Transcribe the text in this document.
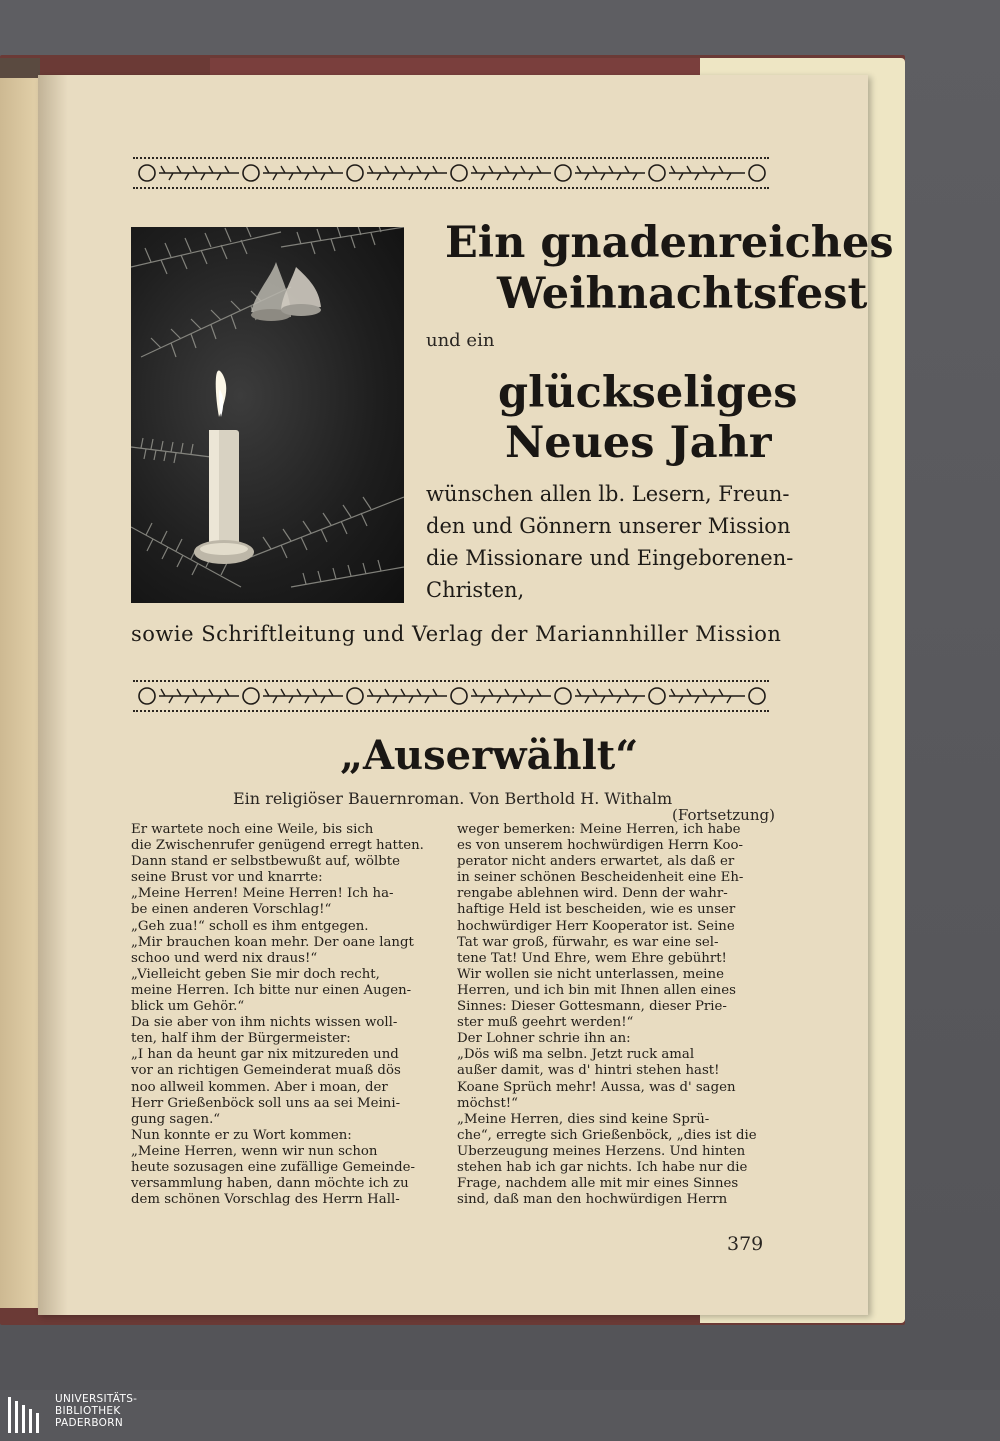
Ein gnadenreiches
Weihnachtsfest
und ein
glückseliges
Neues Jahr
wünschen allen lb. Lesern, Freun-
den und Gönnern unserer Mission
die Missionare und Eingeborenen-
Christen,
sowie Schriftleitung und Verlag der Mariannhiller Mission
„Auserwählt“
Ein religiöser Bauernroman. Von Berthold H. Withalm
(Fortsetzung)
Er wartete noch eine Weile, bis sich
die Zwischenrufer genügend erregt hatten.
Dann stand er selbstbewußt auf, wölbte
seine Brust vor und knarrte:
„Meine Herren! Meine Herren! Ich ha-
be einen anderen Vorschlag!“
„Geh zua!“ scholl es ihm entgegen.
„Mir brauchen koan mehr. Der oane langt
schoo und werd nix draus!“
„Vielleicht geben Sie mir doch recht,
meine Herren. Ich bitte nur einen Augen-
blick um Gehör.“
Da sie aber von ihm nichts wissen woll-
ten, half ihm der Bürgermeister:
„I han da heunt gar nix mitzureden und
vor an richtigen Gemeinderat muaß dös
noo allweil kommen. Aber i moan, der
Herr Grießenböck soll uns aa sei Meini-
gung sagen.“
Nun konnte er zu Wort kommen:
„Meine Herren, wenn wir nun schon
heute sozusagen eine zufällige Gemeinde-
versammlung haben, dann möchte ich zu
dem schönen Vorschlag des Herrn Hall-
weger bemerken: Meine Herren, ich habe
es von unserem hochwürdigen Herrn Koo-
perator nicht anders erwartet, als daß er
in seiner schönen Bescheidenheit eine Eh-
rengabe ablehnen wird. Denn der wahr-
haftige Held ist bescheiden, wie es unser
hochwürdiger Herr Kooperator ist. Seine
Tat war groß, fürwahr, es war eine sel-
tene Tat! Und Ehre, wem Ehre gebührt!
Wir wollen sie nicht unterlassen, meine
Herren, und ich bin mit Ihnen allen eines
Sinnes: Dieser Gottesmann, dieser Prie-
ster muß geehrt werden!“
Der Lohner schrie ihn an:
„Dös wiß ma selbn. Jetzt ruck amal
außer damit, was d' hintri stehen hast!
Koane Sprüch mehr! Aussa, was d' sagen
möchst!“
„Meine Herren, dies sind keine Sprü-
che“, erregte sich Grießenböck, „dies ist die
Überzeugung meines Herzens. Und hinten
stehen hab ich gar nichts. Ich habe nur die
Frage, nachdem alle mit mir eines Sinnes
sind, daß man den hochwürdigen Herrn
379
UNIVERSITÄTS-
BIBLIOTHEK
PADERBORN
